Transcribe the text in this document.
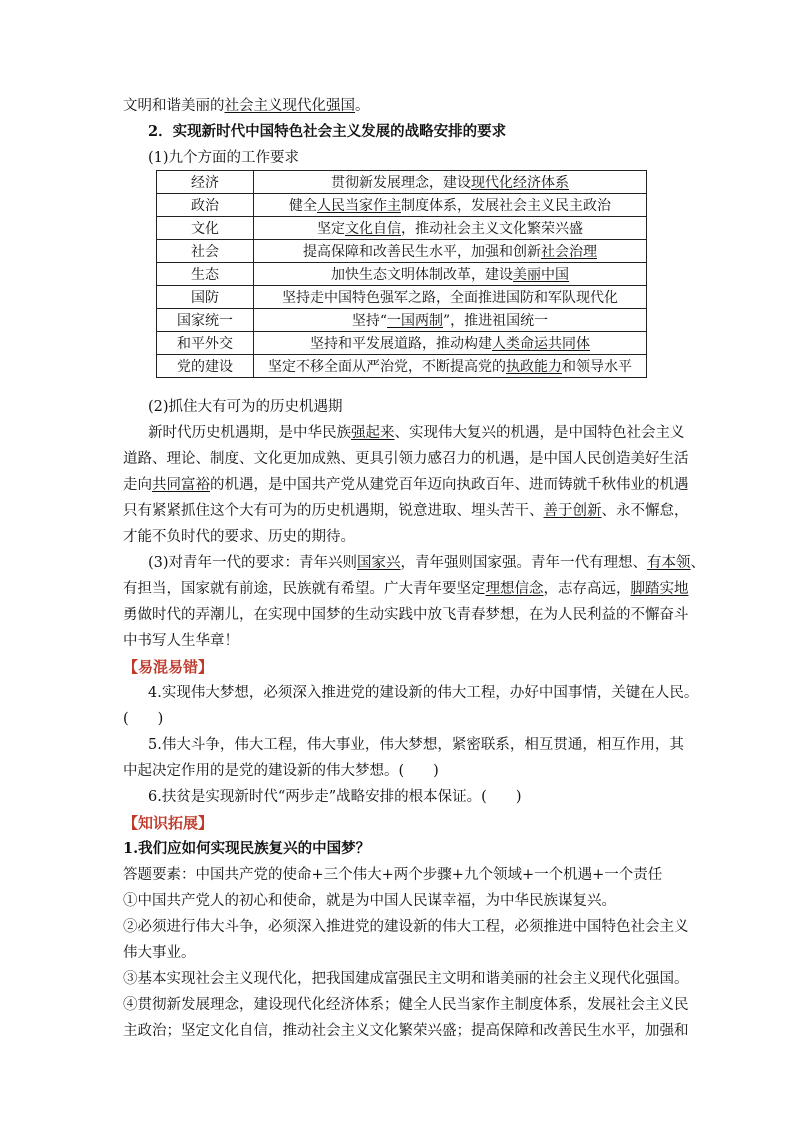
文明和谐美丽的社会主义现代化强国。
2．实现新时代中国特色社会主义发展的战略安排的要求
(1)九个方面的工作要求
经济	贯彻新发展理念，建设现代化经济体系
政治	健全人民当家作主制度体系，发展社会主义民主政治
文化	坚定文化自信，推动社会主义文化繁荣兴盛
社会	提高保障和改善民生水平，加强和创新社会治理
生态	加快生态文明体制改革，建设美丽中国
国防	坚持走中国特色强军之路，全面推进国防和军队现代化
国家统一	坚持“一国两制”，推进祖国统一
和平外交	坚持和平发展道路，推动构建人类命运共同体
党的建设	坚定不移全面从严治党，不断提高党的执政能力和领导水平
(2)抓住大有可为的历史机遇期
新时代历史机遇期，是中华民族强起来、实现伟大复兴的机遇，是中国特色社会主义
道路、理论、制度、文化更加成熟、更具引领力感召力的机遇，是中国人民创造美好生活
走向共同富裕的机遇，是中国共产党从建党百年迈向执政百年、进而铸就千秋伟业的机遇
只有紧紧抓住这个大有可为的历史机遇期，锐意进取、埋头苦干、善于创新、永不懈怠，
才能不负时代的要求、历史的期待。
(3)对青年一代的要求：青年兴则国家兴，青年强则国家强。青年一代有理想、有本领、
有担当，国家就有前途，民族就有希望。广大青年要坚定理想信念，志存高远，脚踏实地
勇做时代的弄潮儿，在实现中国梦的生动实践中放飞青春梦想，在为人民利益的不懈奋斗
中书写人生华章！
【易混易错】
4.实现伟大梦想，必须深入推进党的建设新的伟大工程，办好中国事情，关键在人民。
(　　)
5.伟大斗争，伟大工程，伟大事业，伟大梦想，紧密联系，相互贯通，相互作用，其
中起决定作用的是党的建设新的伟大梦想。(　　)
6.扶贫是实现新时代“两步走”战略安排的根本保证。(　　)
【知识拓展】
1.我们应如何实现民族复兴的中国梦？
答题要素：中国共产党的使命+三个伟大+两个步骤+九个领域+一个机遇+一个责任
①中国共产党人的初心和使命，就是为中国人民谋幸福，为中华民族谋复兴。
②必须进行伟大斗争，必须深入推进党的建设新的伟大工程，必须推进中国特色社会主义
伟大事业。
③基本实现社会主义现代化，把我国建成富强民主文明和谐美丽的社会主义现代化强国。
④贯彻新发展理念，建设现代化经济体系；健全人民当家作主制度体系，发展社会主义民
主政治；坚定文化自信，推动社会主义文化繁荣兴盛；提高保障和改善民生水平，加强和
